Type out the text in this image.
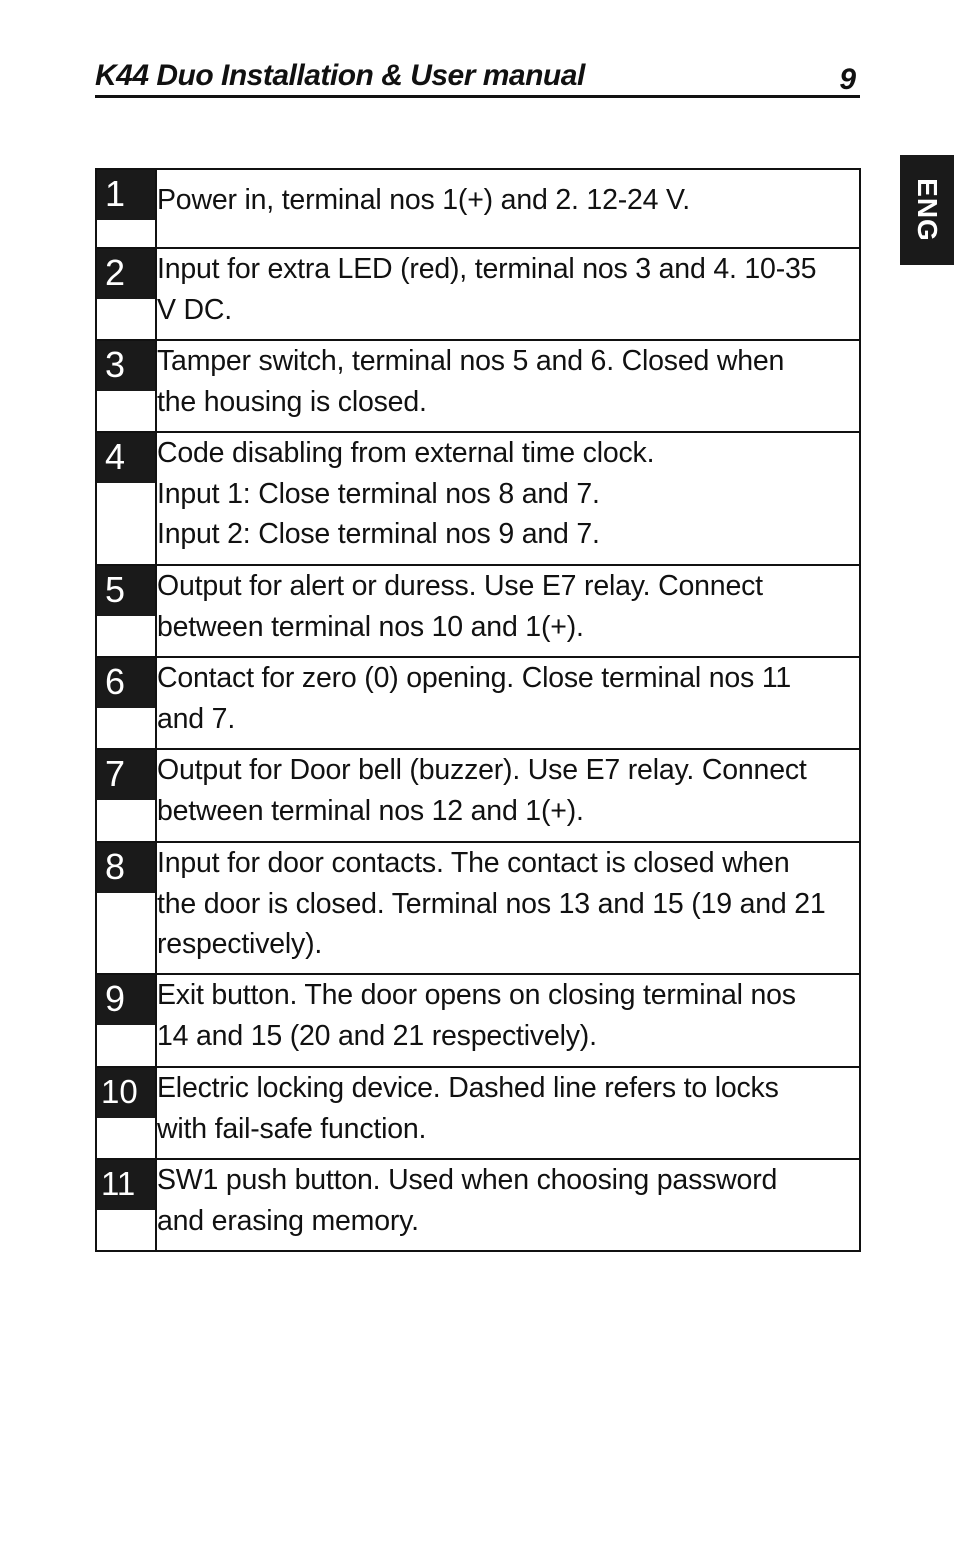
K44 Duo Installation & User manual	9
ENG
1	Power in, terminal nos 1(+) and 2. 12-24 V.

2	Input for extra LED (red), terminal nos 3 and 4. 10-35
V DC.

3	Tamper switch, terminal nos 5 and 6. Closed when
the housing is closed.

4	Code disabling from external time clock.
Input 1: Close terminal nos 8 and 7.
Input 2: Close terminal nos 9 and 7.

5	Output for alert or duress. Use E7 relay. Connect
between terminal nos 10 and 1(+).

6	Contact for zero (0) opening. Close terminal nos 11
and 7.

7	Output for Door bell (buzzer). Use E7 relay. Connect
between terminal nos 12 and 1(+).

8	Input for door contacts. The contact is closed when
the door is closed. Terminal nos 13 and 15 (19 and 21
respectively).

9	Exit button. The door opens on closing terminal nos
14 and 15 (20 and 21 respectively).

10	Electric locking device. Dashed line refers to locks
with fail-safe function.

11	SW1 push button. Used when choosing password
and erasing memory.
